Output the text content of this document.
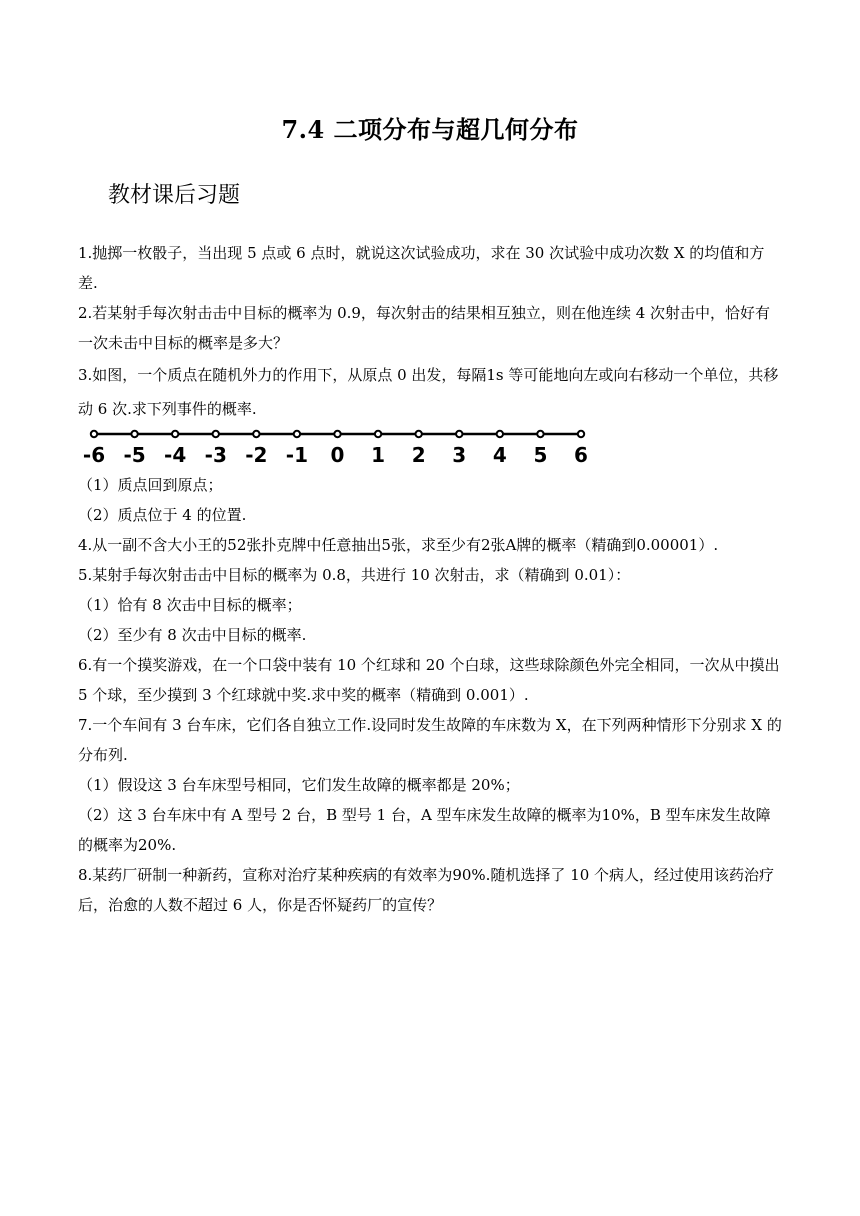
7.4 二项分布与超几何分布
教材课后习题

1.抛掷一枚骰子，当出现 5 点或 6 点时，就说这次试验成功，求在 30 次试验中成功次数 X 的均值和方差.

2.若某射手每次射击击中目标的概率为 0.9，每次射击的结果相互独立，则在他连续 4 次射击中，恰好有一次未击中目标的概率是多大？

3.如图，一个质点在随机外力的作用下，从原点 0 出发，每隔1s 等可能地向左或向右移动一个单位，共移动 6 次.求下列事件的概率.

-6 -5 -4 -3 -2 -1 0 1 2 3 4 5 6

（1）质点回到原点；

（2）质点位于 4 的位置.

4.从一副不含大小王的52张扑克牌中任意抽出5张，求至少有2张A牌的概率（精确到0.00001）.

5.某射手每次射击击中目标的概率为 0.8，共进行 10 次射击，求（精确到 0.01）：

（1）恰有 8 次击中目标的概率；

（2）至少有 8 次击中目标的概率.

6.有一个摸奖游戏，在一个口袋中装有 10 个红球和 20 个白球，这些球除颜色外完全相同，一次从中摸出 5 个球，至少摸到 3 个红球就中奖.求中奖的概率（精确到 0.001）.

7.一个车间有 3 台车床，它们各自独立工作.设同时发生故障的车床数为 X，在下列两种情形下分别求 X 的分布列.

（1）假设这 3 台车床型号相同，它们发生故障的概率都是 20%；

（2）这 3 台车床中有 A 型号 2 台，B 型号 1 台，A 型车床发生故障的概率为10%，B 型车床发生故障的概率为20%.

8.某药厂研制一种新药，宣称对治疗某种疾病的有效率为90%.随机选择了 10 个病人，经过使用该药治疗后，治愈的人数不超过 6 人，你是否怀疑药厂的宣传？
